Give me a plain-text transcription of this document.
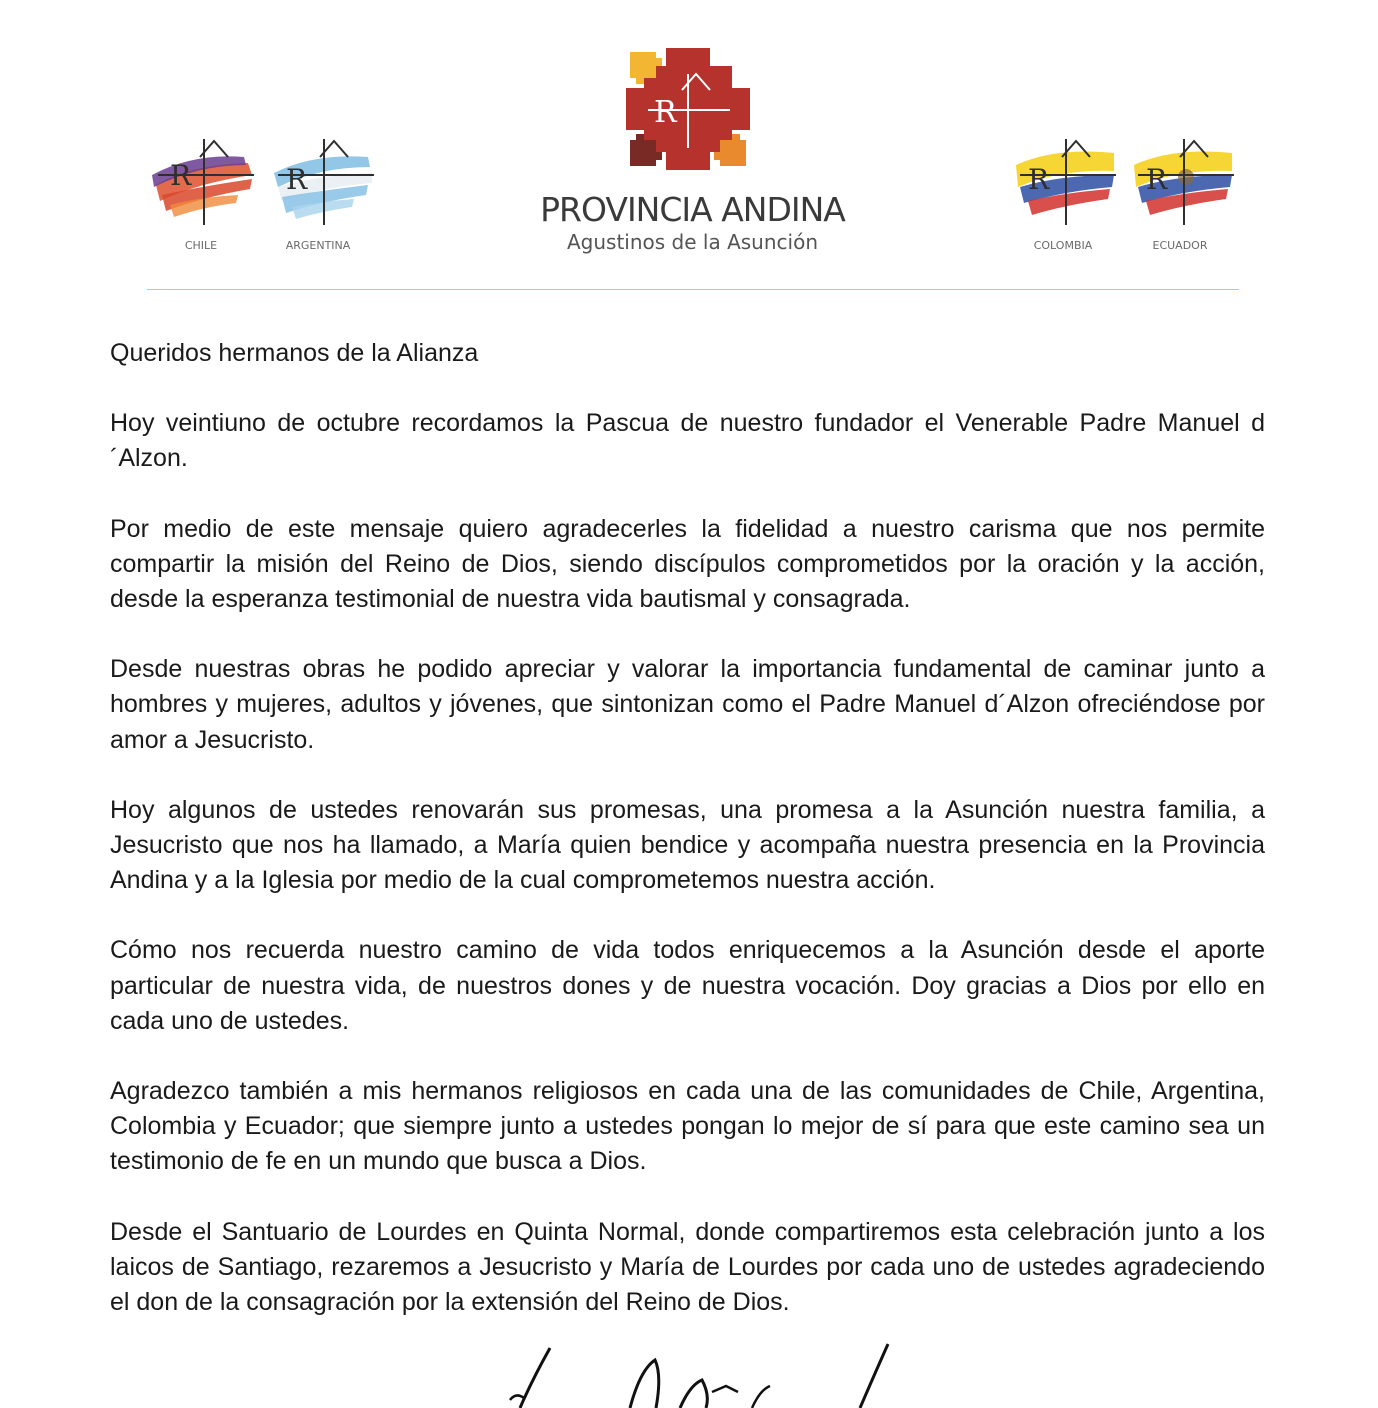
R
CHILE
R
ARGENTINA
R
PROVINCIA ANDINA
Agustinos de la Asunción
R
COLOMBIA
R
ECUADOR

Queridos hermanos de la Alianza

Hoy veintiuno de octubre recordamos la Pascua de nuestro fundador el Venerable Padre Manuel d´Alzon.

Por medio de este mensaje quiero agradecerles la fidelidad a nuestro carisma que nos permite compartir la misión del Reino de Dios, siendo discípulos comprometidos por la oración y la acción, desde la esperanza testimonial de nuestra vida bautismal y consagrada.

Desde nuestras obras he podido apreciar y valorar la importancia fundamental de caminar junto a hombres y mujeres, adultos y jóvenes, que sintonizan como el Padre Manuel d´Alzon ofreciéndose por amor a Jesucristo.

Hoy algunos de ustedes renovarán sus promesas, una promesa a la Asunción nuestra familia, a Jesucristo que nos ha llamado, a María quien bendice y acompaña nuestra presencia en la Provincia Andina y a la Iglesia por medio de la cual comprometemos nuestra acción.

Cómo nos recuerda nuestro camino de vida todos enriquecemos a la Asunción desde el aporte particular de nuestra vida, de nuestros dones y de nuestra vocación. Doy gracias a Dios por ello en cada uno de ustedes.

Agradezco también a mis hermanos religiosos en cada una de las comunidades de Chile, Argentina, Colombia y Ecuador; que siempre junto a ustedes pongan lo mejor de sí para que este camino sea un testimonio de fe en un mundo que busca a Dios.

Desde el Santuario de Lourdes en Quinta Normal, donde compartiremos esta celebración junto a los laicos de Santiago, rezaremos a Jesucristo y María de Lourdes por cada uno de ustedes agradeciendo el don de la consagración por la extensión del Reino de Dios.
